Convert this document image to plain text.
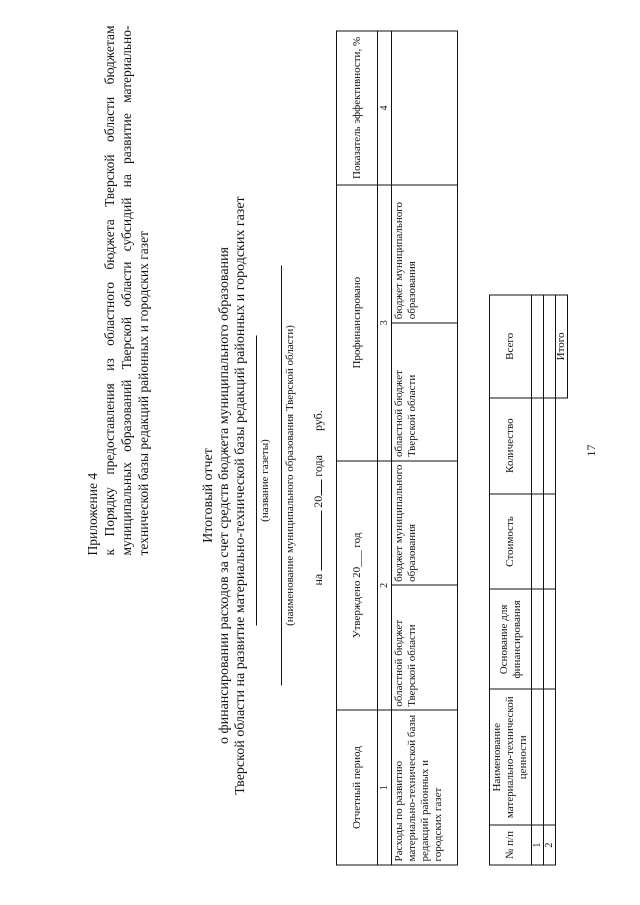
17
Приложение 4 к Порядку предоставления из областного бюджета Тверской области бюджетам муниципальных образований Тверской области субсидий на развитие материально-технической базы редакций районных и городских газет	Итоговый отчет о финансировании расходов за счет средств бюджета муниципального образования Тверской области на развитие материально-технической базы редакций районных и городских газет (название газеты) (наименование муниципального образования Тверской области) на  20 года  руб.
Отчетный период	Утверждено 20___ год		Профинансировано		Показатель эффективности, %

1	2		3		4
Расходы по развитию материально-технической базы редакций районных и городских газет	областной бюджет Тверской области	бюджет муниципального образования	областной бюджет Тверской области	бюджет муниципального образования	
№ п/п	Наименование материально-технической ценности	Основание для финансирования	Стоимость	Количество	Всего
1					
2					
					Итого
